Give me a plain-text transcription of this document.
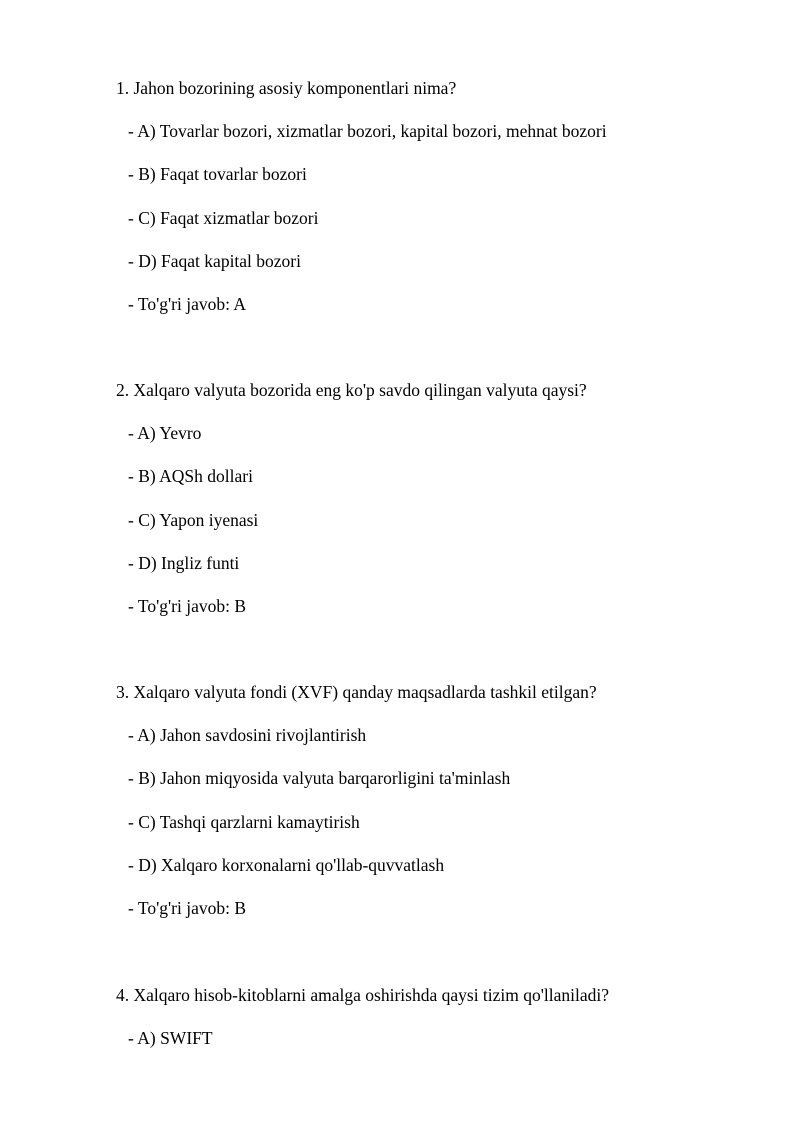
1. Jahon bozorining asosiy komponentlari nima?
- A) Tovarlar bozori, xizmatlar bozori, kapital bozori, mehnat bozori
- B) Faqat tovarlar bozori
- C) Faqat xizmatlar bozori
- D) Faqat kapital bozori
- To'g'ri javob: A
2. Xalqaro valyuta bozorida eng ko'p savdo qilingan valyuta qaysi?
- A) Yevro
- B) AQSh dollari
- C) Yapon iyenasi
- D) Ingliz funti
- To'g'ri javob: B
3. Xalqaro valyuta fondi (XVF) qanday maqsadlarda tashkil etilgan?
- A) Jahon savdosini rivojlantirish
- B) Jahon miqyosida valyuta barqarorligini ta'minlash
- C) Tashqi qarzlarni kamaytirish
- D) Xalqaro korxonalarni qo'llab-quvvatlash
- To'g'ri javob: B
4. Xalqaro hisob-kitoblarni amalga oshirishda qaysi tizim qo'llaniladi?
- A) SWIFT
